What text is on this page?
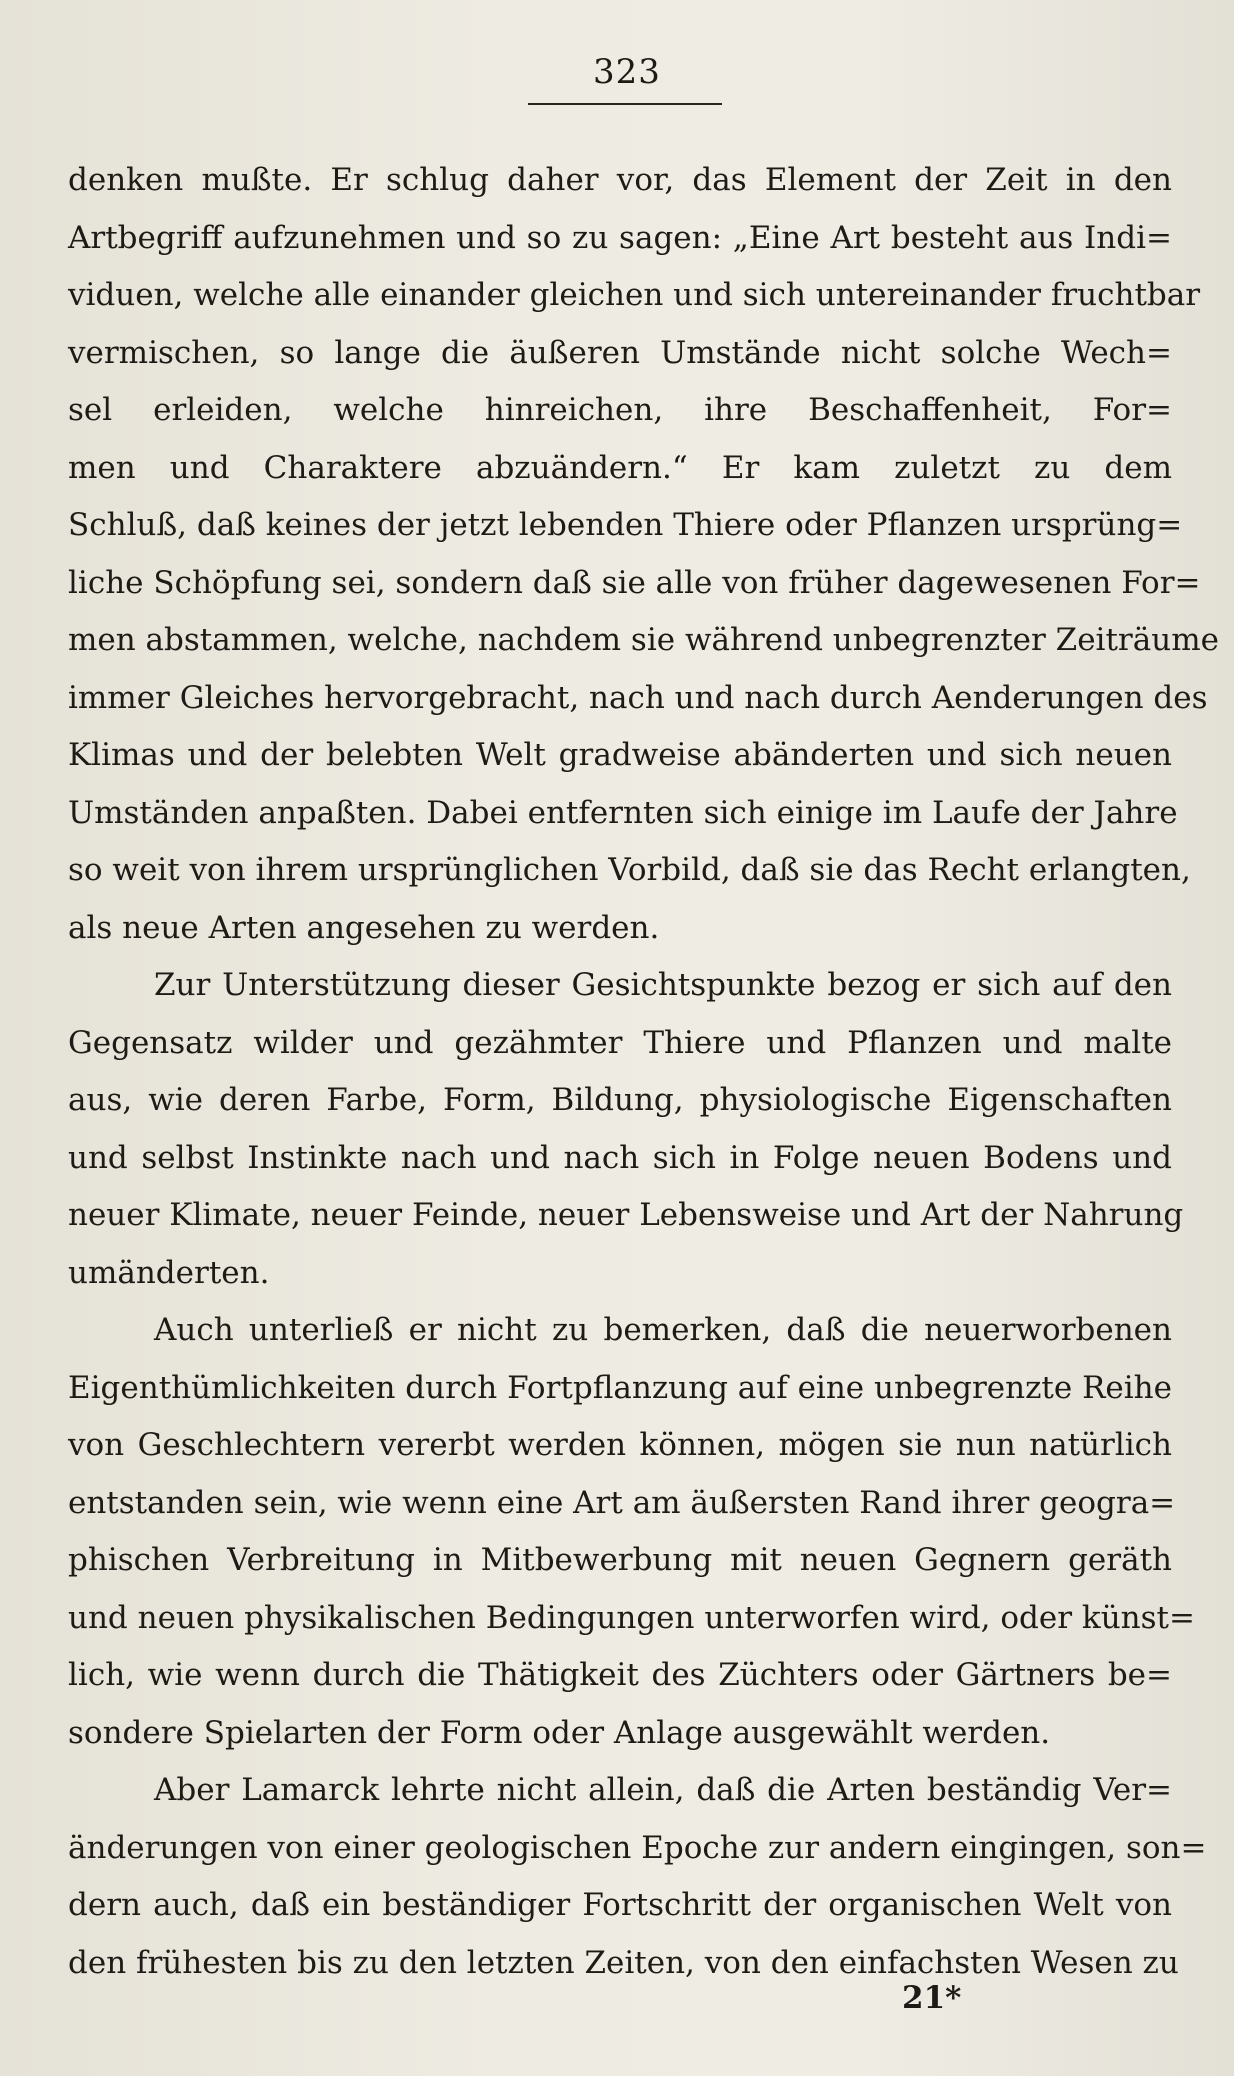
323
denken mußte. Er schlug daher vor, das Element der Zeit in den
Artbegriff aufzunehmen und so zu sagen: „Eine Art besteht aus Indi=
viduen, welche alle einander gleichen und sich untereinander fruchtbar
vermischen, so lange die äußeren Umstände nicht solche Wech=
sel erleiden, welche hinreichen, ihre Beschaffenheit, For=
men und Charaktere abzuändern.“ Er kam zuletzt zu dem
Schluß, daß keines der jetzt lebenden Thiere oder Pflanzen ursprüng=
liche Schöpfung sei, sondern daß sie alle von früher dagewesenen For=
men abstammen, welche, nachdem sie während unbegrenzter Zeiträume
immer Gleiches hervorgebracht, nach und nach durch Aenderungen des
Klimas und der belebten Welt gradweise abänderten und sich neuen
Umständen anpaßten. Dabei entfernten sich einige im Laufe der Jahre
so weit von ihrem ursprünglichen Vorbild, daß sie das Recht erlangten,
als neue Arten angesehen zu werden.
Zur Unterstützung dieser Gesichtspunkte bezog er sich auf den
Gegensatz wilder und gezähmter Thiere und Pflanzen und malte
aus, wie deren Farbe, Form, Bildung, physiologische Eigenschaften
und selbst Instinkte nach und nach sich in Folge neuen Bodens und
neuer Klimate, neuer Feinde, neuer Lebensweise und Art der Nahrung
umänderten.
Auch unterließ er nicht zu bemerken, daß die neuerworbenen
Eigenthümlichkeiten durch Fortpflanzung auf eine unbegrenzte Reihe
von Geschlechtern vererbt werden können, mögen sie nun natürlich
entstanden sein, wie wenn eine Art am äußersten Rand ihrer geogra=
phischen Verbreitung in Mitbewerbung mit neuen Gegnern geräth
und neuen physikalischen Bedingungen unterworfen wird, oder künst=
lich, wie wenn durch die Thätigkeit des Züchters oder Gärtners be=
sondere Spielarten der Form oder Anlage ausgewählt werden.
Aber Lamarck lehrte nicht allein, daß die Arten beständig Ver=
änderungen von einer geologischen Epoche zur andern eingingen, son=
dern auch, daß ein beständiger Fortschritt der organischen Welt von
den frühesten bis zu den letzten Zeiten, von den einfachsten Wesen zu
21*
